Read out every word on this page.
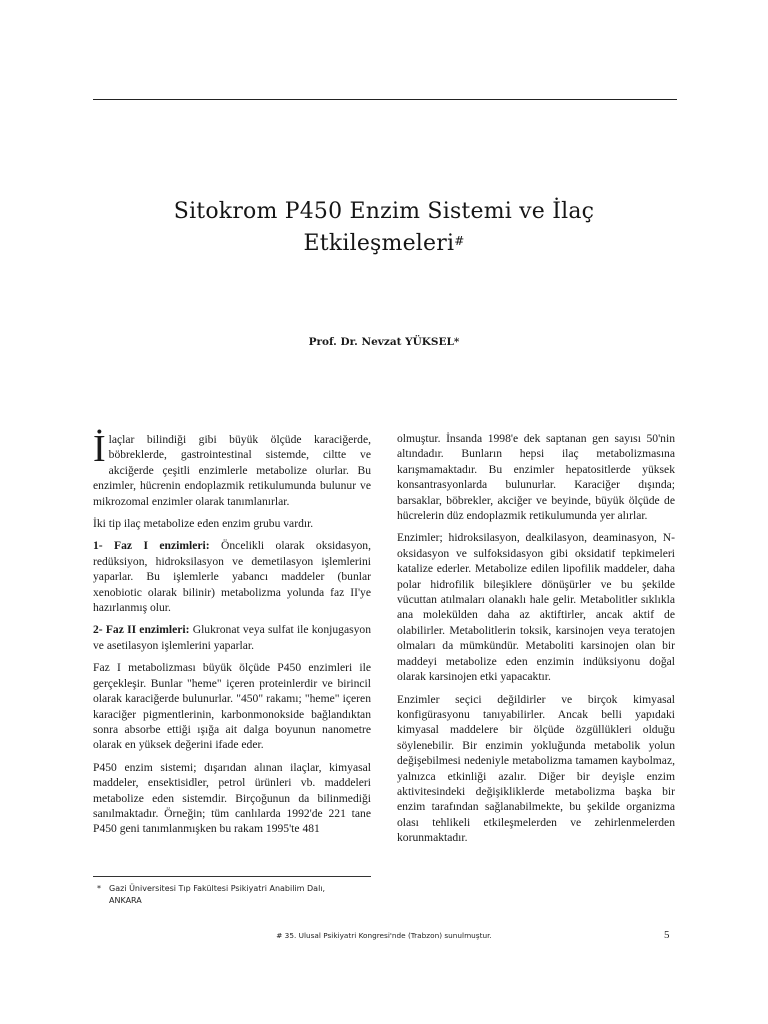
Sitokrom P450 Enzim Sistemi ve İlaç
Etkileşmeleri#
Prof. Dr. Nevzat YÜKSEL*

İlaçlar bilindiği gibi büyük ölçüde karaciğerde, böbreklerde, gastrointestinal sistemde, ciltte ve akciğerde çeşitli enzimlerle metabolize olurlar. Bu enzimler, hücrenin endoplazmik retikulumunda bulunur ve mikrozomal enzimler olarak tanımlanırlar.

İki tip ilaç metabolize eden enzim grubu vardır.

1- Faz I enzimleri: Öncelikli olarak oksidasyon, redüksiyon, hidroksilasyon ve demetilasyon işlemlerini yaparlar. Bu işlemlerle yabancı maddeler (bunlar xenobiotic olarak bilinir) metabolizma yolunda faz II'ye hazırlanmış olur.

2- Faz II enzimleri: Glukronat veya sulfat ile konjugasyon ve asetilasyon işlemlerini yaparlar.

Faz I metabolizması büyük ölçüde P450 enzimleri ile gerçekleşir. Bunlar "heme" içeren proteinlerdir ve birincil olarak karaciğerde bulunurlar. "450" rakamı; "heme" içeren karaciğer pigmentlerinin, karbonmonokside bağlandıktan sonra absorbe ettiği ışığa ait dalga boyunun nanometre olarak en yüksek değerini ifade eder.

P450 enzim sistemi; dışarıdan alınan ilaçlar, kimyasal maddeler, ensektisidler, petrol ürünleri vb. maddeleri metabolize eden sistemdir. Birçoğunun da bilinmediği sanılmaktadır. Örneğin; tüm canlılarda 1992'de 221 tane P450 geni tanımlanmışken bu rakam 1995'te 481

olmuştur. İnsanda 1998'e dek saptanan gen sayısı 50'nin altındadır. Bunların hepsi ilaç metabolizmasına karışmamaktadır. Bu enzimler hepatositlerde yüksek konsantrasyonlarda bulunurlar. Karaciğer dışında; barsaklar, böbrekler, akciğer ve beyinde, büyük ölçüde de hücrelerin düz endoplazmik retikulumunda yer alırlar.

Enzimler; hidroksilasyon, dealkilasyon, deaminasyon, N-oksidasyon ve sulfoksidasyon gibi oksidatif tepkimeleri katalize ederler. Metabolize edilen lipofilik maddeler, daha polar hidrofilik bileşiklere dönüşürler ve bu şekilde vücuttan atılmaları olanaklı hale gelir. Metabolitler sıklıkla ana molekülden daha az aktiftirler, ancak aktif de olabilirler. Metabolitlerin toksik, karsinojen veya teratojen olmaları da mümkündür. Metaboliti karsinojen olan bir maddeyi metabolize eden enzimin indüksiyonu doğal olarak karsinojen etki yapacaktır.

Enzimler seçici değildirler ve birçok kimyasal konfigürasyonu tanıyabilirler. Ancak belli yapıdaki kimyasal maddelere bir ölçüde özgüllükleri olduğu söylenebilir. Bir enzimin yokluğunda metabolik yolun değişebilmesi nedeniyle metabolizma tamamen kaybolmaz, yalnızca etkinliği azalır. Diğer bir deyişle enzim aktivitesindeki değişikliklerde metabolizma başka bir enzim tarafından sağlanabilmekte, bu şekilde organizma olası tehlikeli etkileşmelerden ve zehirlenmelerden korunmaktadır.

* Gazi Üniversitesi Tıp Fakültesi Psikiyatri Anabilim Dalı,
ANKARA
# 35. Ulusal Psikiyatri Kongresi'nde (Trabzon) sunulmuştur.	5
